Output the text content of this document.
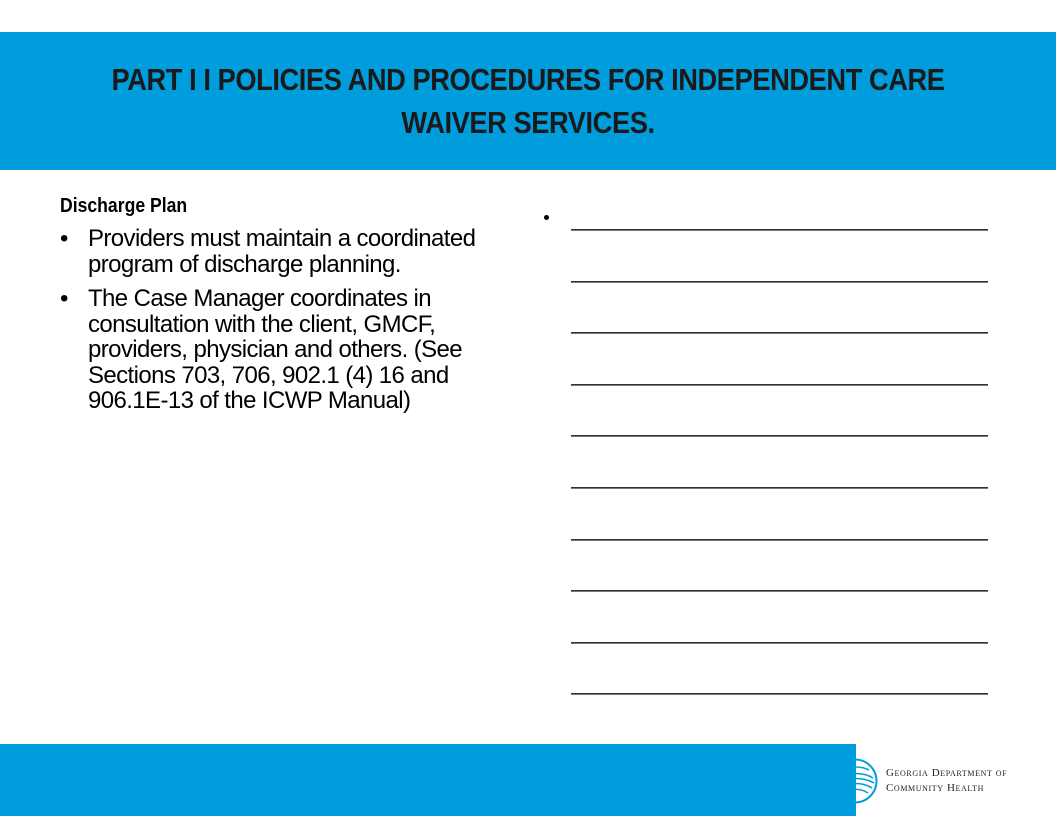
PART I I POLICIES AND PROCEDURES FOR INDEPENDENT CARE WAIVER SERVICES.
Discharge Plan
• Providers must maintain a coordinated program of discharge planning.
• The Case Manager coordinates in consultation with the client, GMCF, providers, physician and others. (See Sections 703, 706, 902.1 (4) 16 and 906.1E-13 of the ICWP Manual)
Georgia Department of
Community Health
